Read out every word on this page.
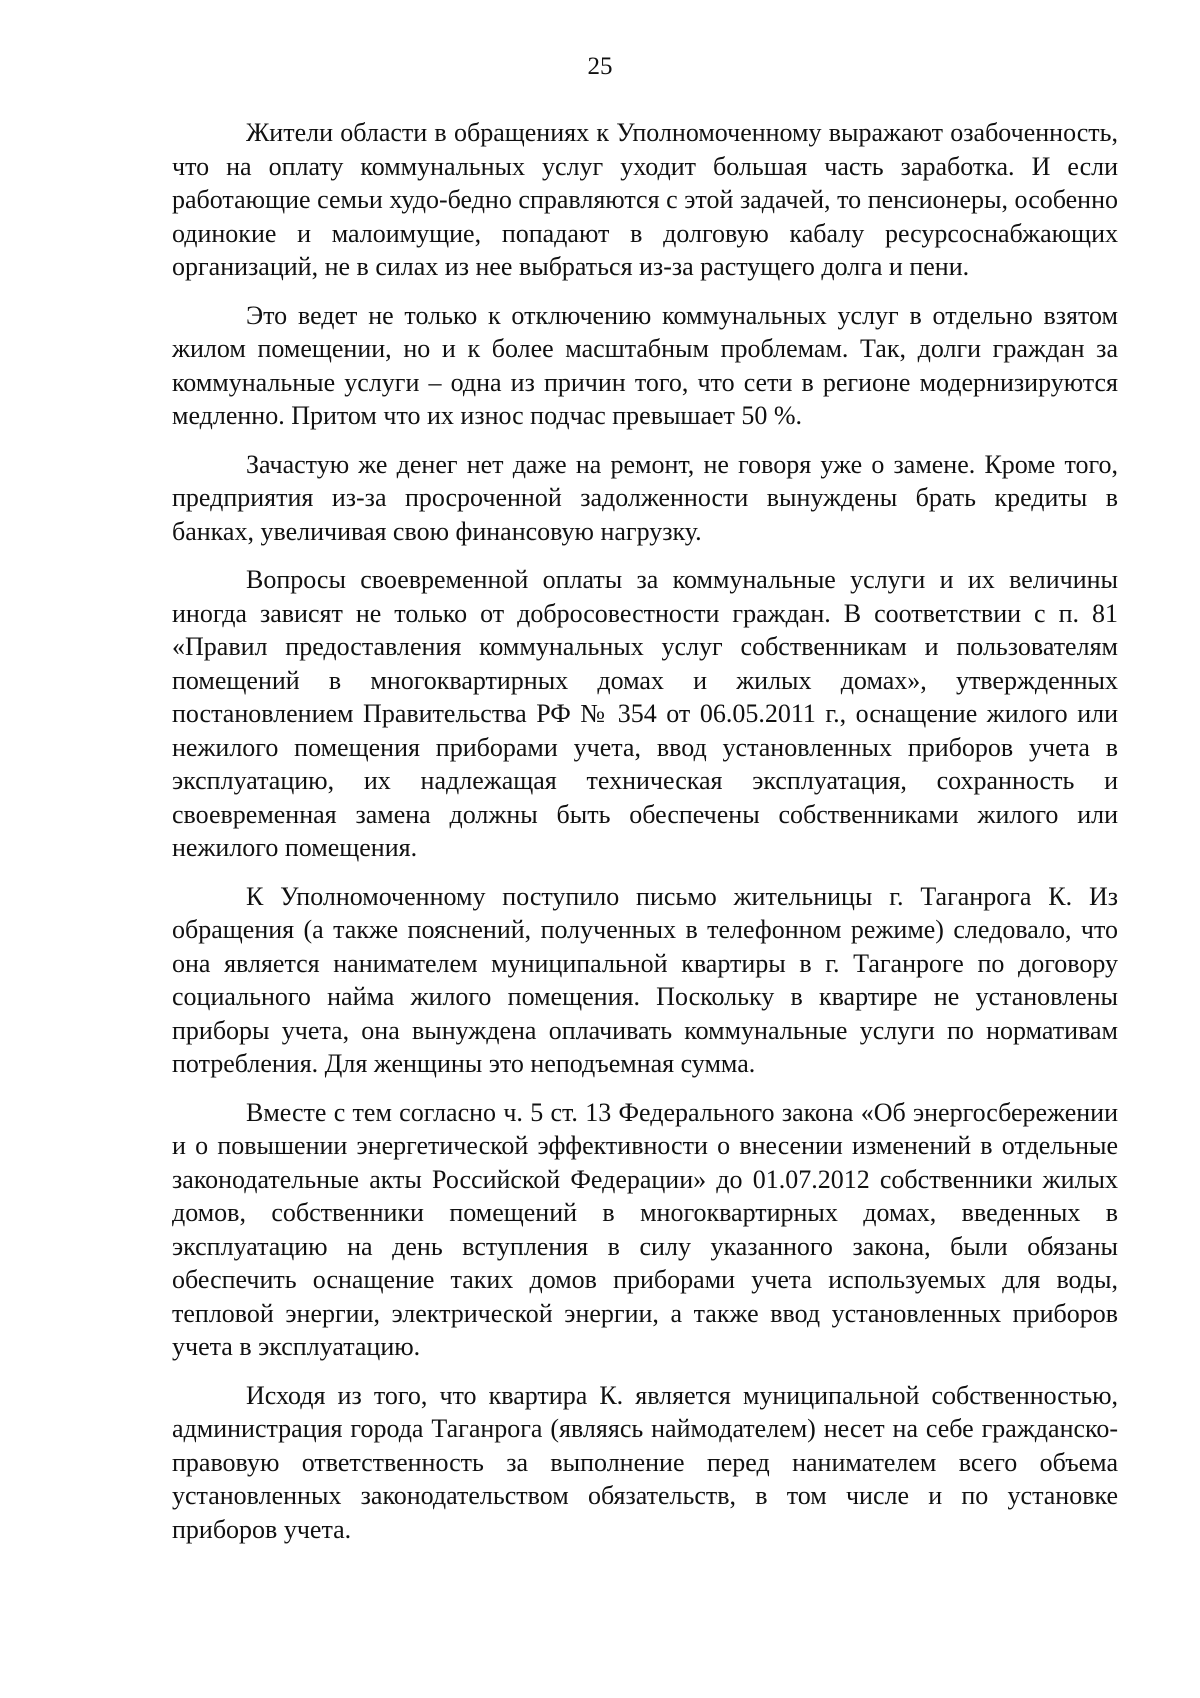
25

Жители области в обращениях к Уполномоченному выражают озабоченность, что на оплату коммунальных услуг уходит большая часть заработка. И если работающие семьи худо-бедно справляются с этой задачей, то пенсионеры, особенно одинокие и малоимущие, попадают в долговую кабалу ресурсоснабжающих организаций, не в силах из нее выбраться из-за растущего долга и пени.

Это ведет не только к отключению коммунальных услуг в отдельно взятом жилом помещении, но и к более масштабным проблемам. Так, долги граждан за коммунальные услуги – одна из причин того, что сети в регионе модернизируются медленно. Притом что их износ подчас превышает 50 %.

Зачастую же денег нет даже на ремонт, не говоря уже о замене. Кроме того, предприятия из-за просроченной задолженности вынуждены брать кредиты в банках, увеличивая свою финансовую нагрузку.

Вопросы своевременной оплаты за коммунальные услуги и их величины иногда зависят не только от добросовестности граждан. В соответствии с п. 81 «Правил предоставления коммунальных услуг собственникам и пользователям помещений в многоквартирных домах и жилых домах», утвержденных постановлением Правительства РФ № 354 от 06.05.2011 г., оснащение жилого или нежилого помещения приборами учета, ввод установленных приборов учета в эксплуатацию, их надлежащая техническая эксплуатация, сохранность и своевременная замена должны быть обеспечены собственниками жилого или нежилого помещения.

К Уполномоченному поступило письмо жительницы г. Таганрога К. Из обращения (а также пояснений, полученных в телефонном режиме) следовало, что она является нанимателем муниципальной квартиры в г. Таганроге по договору социального найма жилого помещения. Поскольку в квартире не установлены приборы учета, она вынуждена оплачивать коммунальные услуги по нормативам потребления. Для женщины это неподъемная сумма.

Вместе с тем согласно ч. 5 ст. 13 Федерального закона «Об энергосбережении и о повышении энергетической эффективности о внесении изменений в отдельные законодательные акты Российской Федерации» до 01.07.2012 собственники жилых домов, собственники помещений в многоквартирных домах, введенных в эксплуатацию на день вступления в силу указанного закона, были обязаны обеспечить оснащение таких домов приборами учета используемых для воды, тепловой энергии, электрической энергии, а также ввод установленных приборов учета в эксплуатацию.

Исходя из того, что квартира К. является муниципальной собственностью, администрация города Таганрога (являясь наймодателем) несет на себе гражданско-правовую ответственность за выполнение перед нанимателем всего объема установленных законодательством обязательств, в том числе и по установке приборов учета.
